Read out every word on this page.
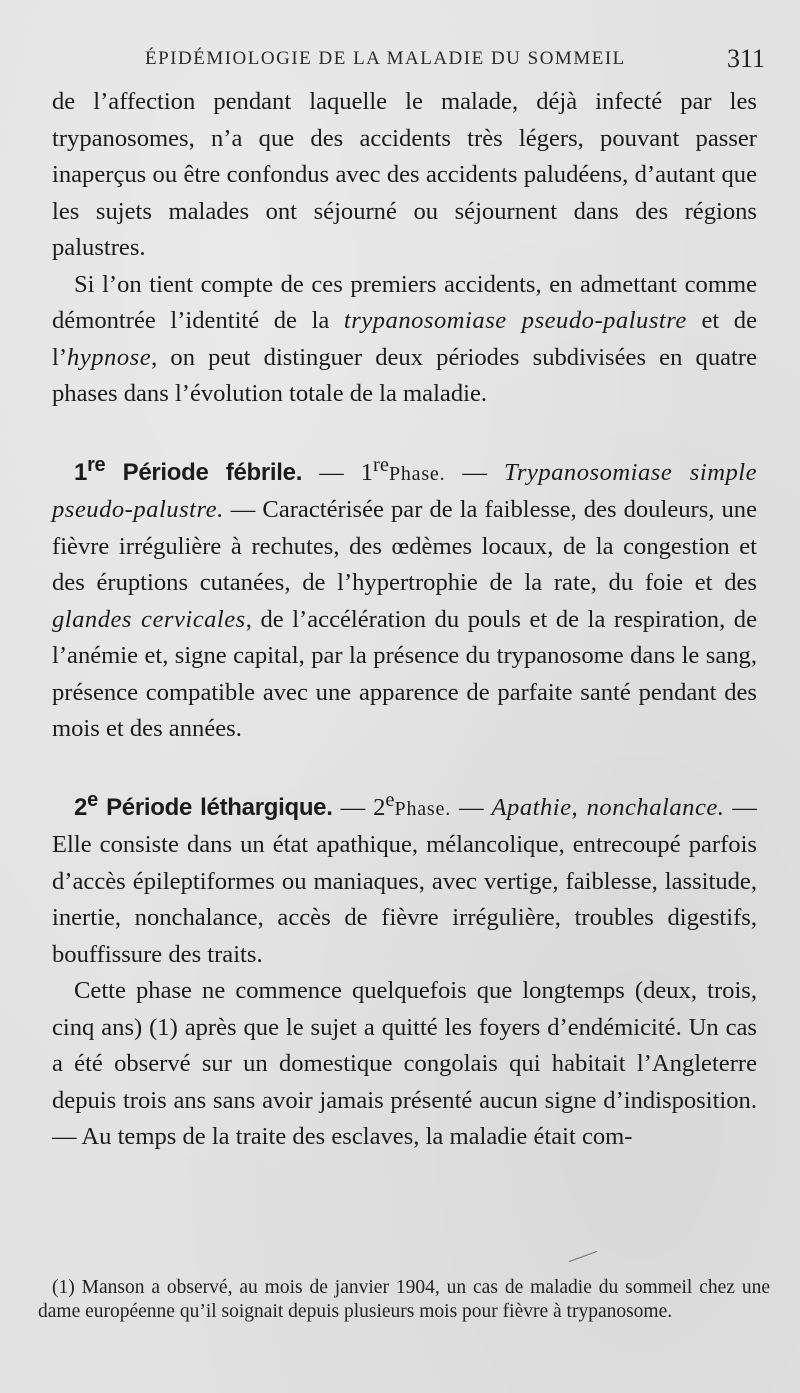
ÉPIDÉMIOLOGIE DE LA MALADIE DU SOMMEIL	311

de l’affection pendant laquelle le malade, déjà infecté par les trypanosomes, n’a que des accidents très légers, pouvant passer inaperçus ou être confondus avec des accidents paludéens, d’autant que les sujets malades ont séjourné ou séjournent dans des régions palustres.

Si l’on tient compte de ces premiers accidents, en admettant comme démontrée l’identité de la trypanosomiase pseudo-palustre et de l’hypnose, on peut distinguer deux périodes subdivisées en quatre phases dans l’évolution totale de la maladie.

1re Période fébrile. — 1rePhase. — Trypanosomiase simple pseudo-palustre. — Caractérisée par de la faiblesse, des douleurs, une fièvre irrégulière à rechutes, des œdèmes locaux, de la congestion et des éruptions cutanées, de l’hypertrophie de la rate, du foie et des glandes cervicales, de l’accélération du pouls et de la respiration, de l’anémie et, signe capital, par la présence du trypanosome dans le sang, présence compatible avec une apparence de parfaite santé pendant des mois et des années.

2e Période léthargique. — 2ePhase. — Apathie, nonchalance. — Elle consiste dans un état apathique, mélancolique, entrecoupé parfois d’accès épileptiformes ou maniaques, avec vertige, faiblesse, lassitude, inertie, nonchalance, accès de fièvre irrégulière, troubles digestifs, bouffissure des traits.

Cette phase ne commence quelquefois que longtemps (deux, trois, cinq ans) (1) après que le sujet a quitté les foyers d’endémicité. Un cas a été observé sur un domestique congolais qui habitait l’Angleterre depuis trois ans sans avoir jamais présenté aucun signe d’indisposition. — Au temps de la traite des esclaves, la maladie était com-

(1) Manson a observé, au mois de janvier 1904, un cas de maladie du sommeil chez une dame européenne qu’il soignait depuis plusieurs mois pour fièvre à trypanosome.
